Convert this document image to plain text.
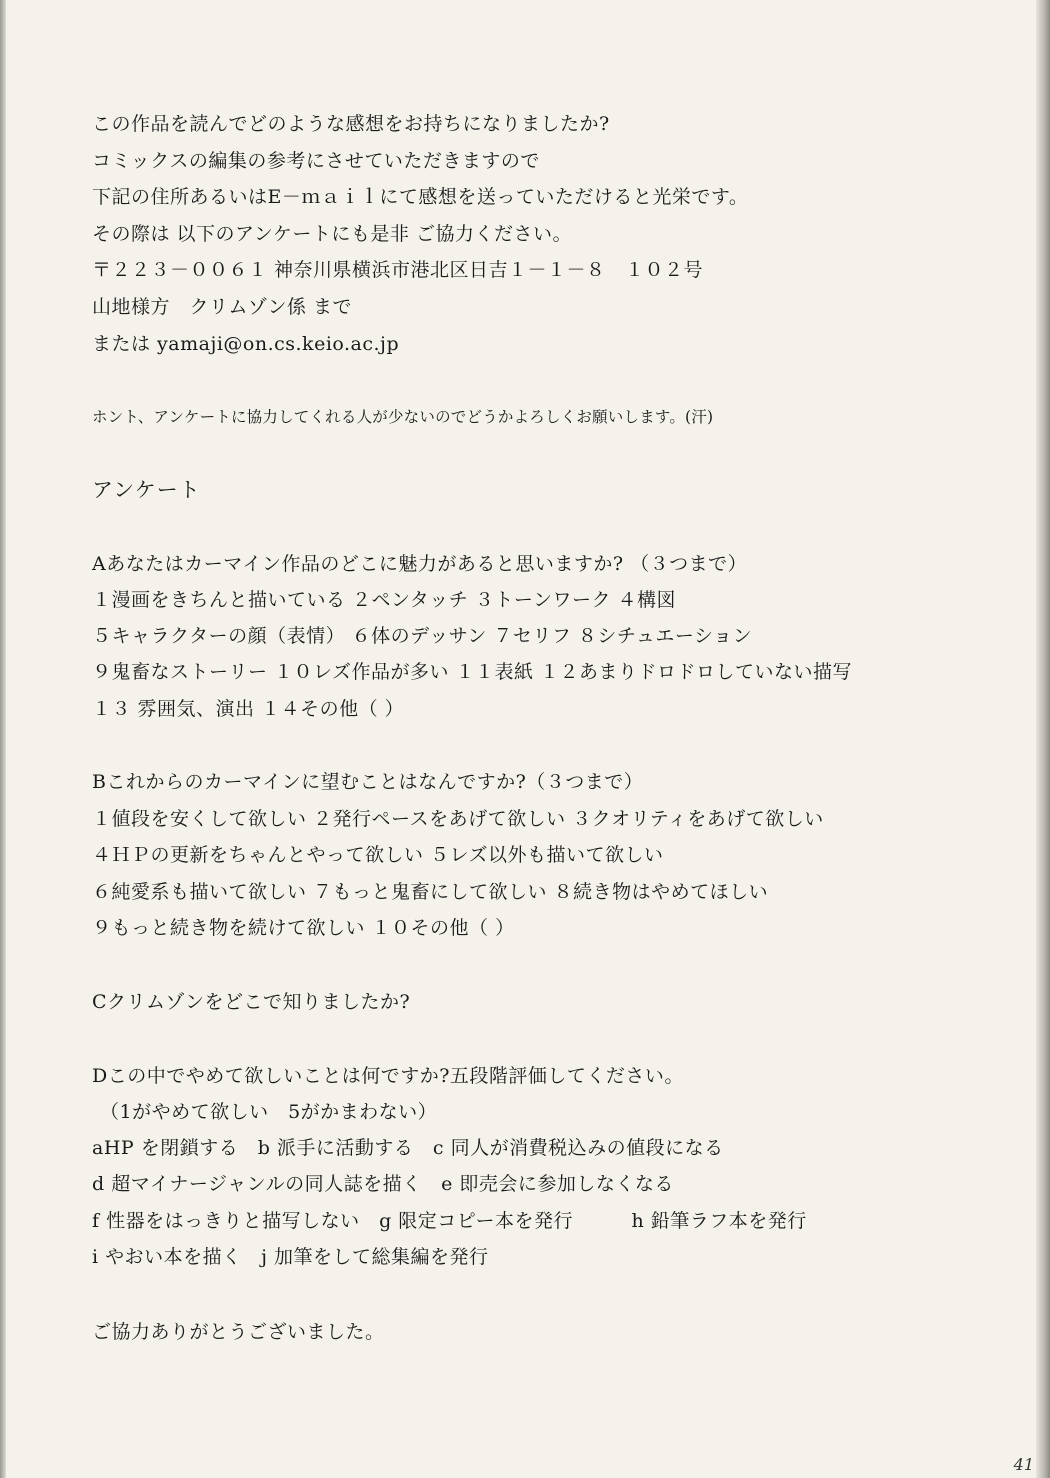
この作品を読んでどのような感想をお持ちになりましたか?
コミックスの編集の参考にさせていただきますので
下記の住所あるいはE－ｍａｉｌにて感想を送っていただけると光栄です。
その際は 以下のアンケートにも是非 ご協力ください。
〒２２３－００６１ 神奈川県横浜市港北区日吉１－１－８　１０２号
山地様方　クリムゾン係 まで
または yamaji@on.cs.keio.ac.jp
ホント、アンケートに協力してくれる人が少ないのでどうかよろしくお願いします。(汗)
アンケート
Aあなたはカーマイン作品のどこに魅力があると思いますか? （３つまで）
１漫画をきちんと描いている ２ペンタッチ ３トーンワーク ４構図
５キャラクターの顔（表情） ６体のデッサン ７セリフ ８シチュエーション
９鬼畜なストーリー １０レズ作品が多い １１表紙 １２あまりドロドロしていない描写
１３ 雰囲気、演出 １４その他（ ）
Bこれからのカーマインに望むことはなんですか?（３つまで）
１値段を安くして欲しい ２発行ペースをあげて欲しい ３クオリティをあげて欲しい
４ＨＰの更新をちゃんとやって欲しい ５レズ以外も描いて欲しい
６純愛系も描いて欲しい ７もっと鬼畜にして欲しい ８続き物はやめてほしい
９もっと続き物を続けて欲しい １０その他（ ）
Cクリムゾンをどこで知りましたか?
Dこの中でやめて欲しいことは何ですか?五段階評価してください。
（1がやめて欲しい　5がかまわない）
aHP を閉鎖する　b 派手に活動する　c 同人が消費税込みの値段になる
d 超マイナージャンルの同人誌を描く　e 即売会に参加しなくなる
f 性器をはっきりと描写しない　g 限定コピー本を発行　　　h 鉛筆ラフ本を発行
i やおい本を描く　j 加筆をして総集編を発行
ご協力ありがとうございました。
41
